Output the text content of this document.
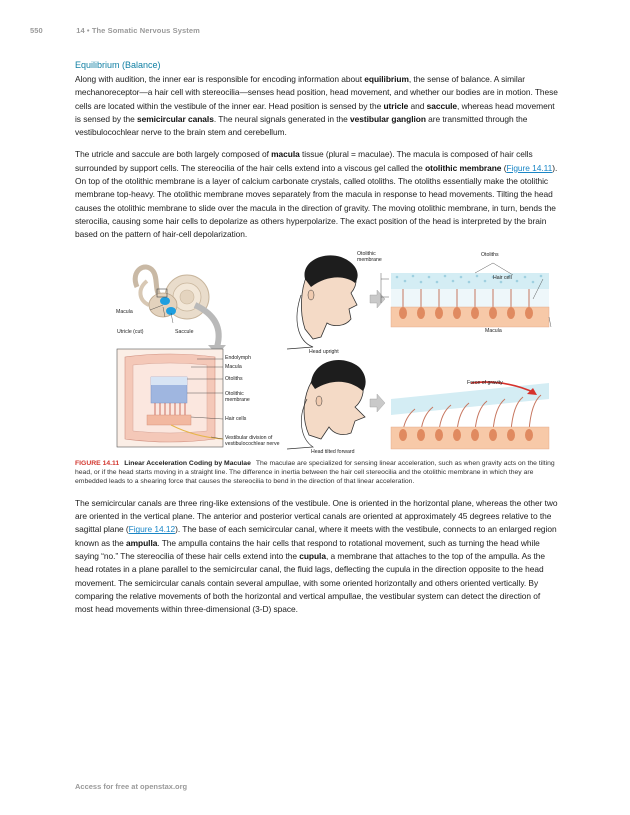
550	14 • The Somatic Nervous System
Equilibrium (Balance)

Along with audition, the inner ear is responsible for encoding information about equilibrium, the sense of balance. A similar mechanoreceptor—a hair cell with stereocilia—senses head position, head movement, and whether our bodies are in motion. These cells are located within the vestibule of the inner ear. Head position is sensed by the utricle and saccule, whereas head movement is sensed by the semicircular canals. The neural signals generated in the vestibular ganglion are transmitted through the vestibulocochlear nerve to the brain stem and cerebellum.

The utricle and saccule are both largely composed of macula tissue (plural = maculae). The macula is composed of hair cells surrounded by support cells. The stereocilia of the hair cells extend into a viscous gel called the otolithic membrane (Figure 14.11). On top of the otolithic membrane is a layer of calcium carbonate crystals, called otoliths. The otoliths essentially make the otolithic membrane top-heavy. The otolithic membrane moves separately from the macula in response to head movements. Tilting the head causes the otolithic membrane to slide over the macula in the direction of gravity. The moving otolithic membrane, in turn, bends the sterocilia, causing some hair cells to depolarize as others hyperpolarize. The exact position of the head is interpreted by the brain based on the pattern of hair-cell depolarization.

Macula
Utricle (cut)	Saccule
Endolymph
Macula
Otoliths
Otolithic
membrane
Hair cells
Vestibular division of
vestibulocochlear nerve
Otolithic
membrane
Otoliths
Hair cell
Macula
Head upright
Force of gravity
Head tilted forward
FIGURE 14.11 Linear Acceleration Coding by Maculae The maculae are specialized for sensing linear acceleration, such as when gravity acts on the tilting head, or if the head starts moving in a straight line. The difference in inertia between the hair cell stereocilia and the otolithic membrane in which they are embedded leads to a shearing force that causes the stereocilia to bend in the direction of that linear acceleration.

The semicircular canals are three ring-like extensions of the vestibule. One is oriented in the horizontal plane, whereas the other two are oriented in the vertical plane. The anterior and posterior vertical canals are oriented at approximately 45 degrees relative to the sagittal plane (Figure 14.12). The base of each semicircular canal, where it meets with the vestibule, connects to an enlarged region known as the ampulla. The ampulla contains the hair cells that respond to rotational movement, such as turning the head while saying “no.” The stereocilia of these hair cells extend into the cupula, a membrane that attaches to the top of the ampulla. As the head rotates in a plane parallel to the semicircular canal, the fluid lags, deflecting the cupula in the direction opposite to the head movement. The semicircular canals contain several ampullae, with some oriented horizontally and others oriented vertically. By comparing the relative movements of both the horizontal and vertical ampullae, the vestibular system can detect the direction of most head movements within three-dimensional (3-D) space.

Access for free at openstax.org
